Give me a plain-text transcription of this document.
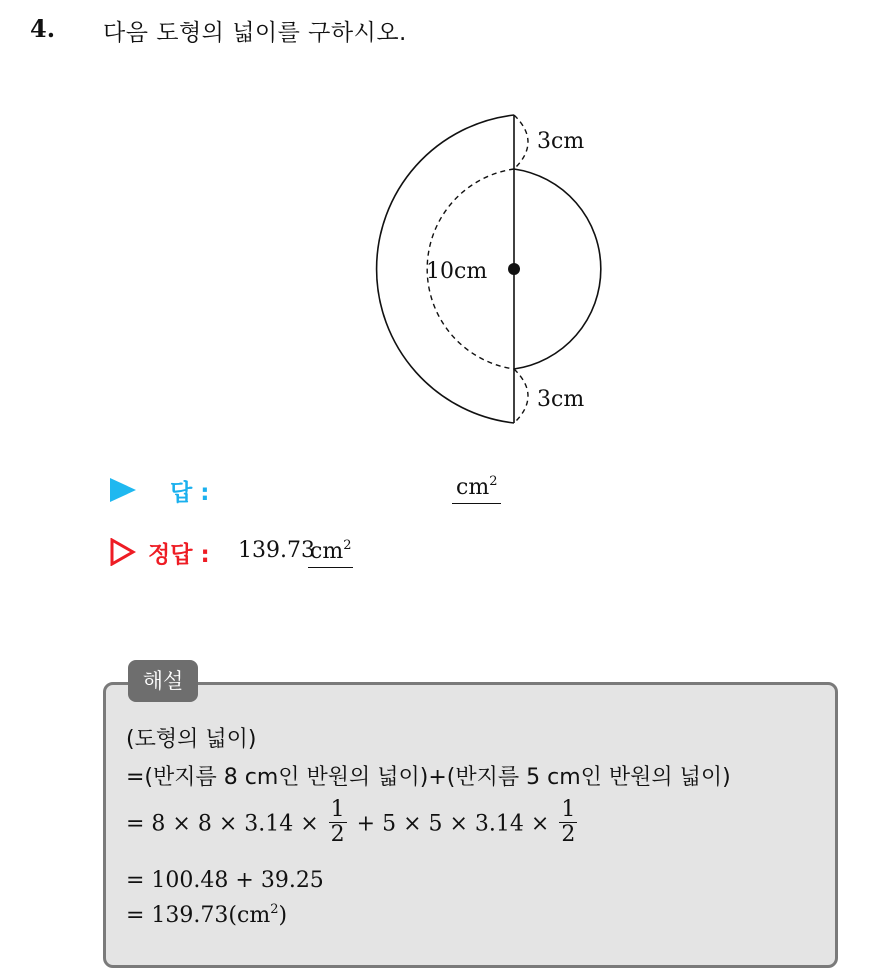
4. 다음 도형의 넓이를 구하시오.
3cm
10cm
3cm
답 :	$cm^2$
정답 : 139.73
$cm^2$
해설
(도형의 넓이)
=(반지름 8 cm인 반원의 넓이)+(반지름 5 cm인 반원의 넓이)
= $8 \times 8 \times 3.14 \times \frac{1}{2} + 5 \times 5 \times 3.14 \times \frac{1}{2}$
= 100.48 + 39.25
= $139.73(cm^2)$
